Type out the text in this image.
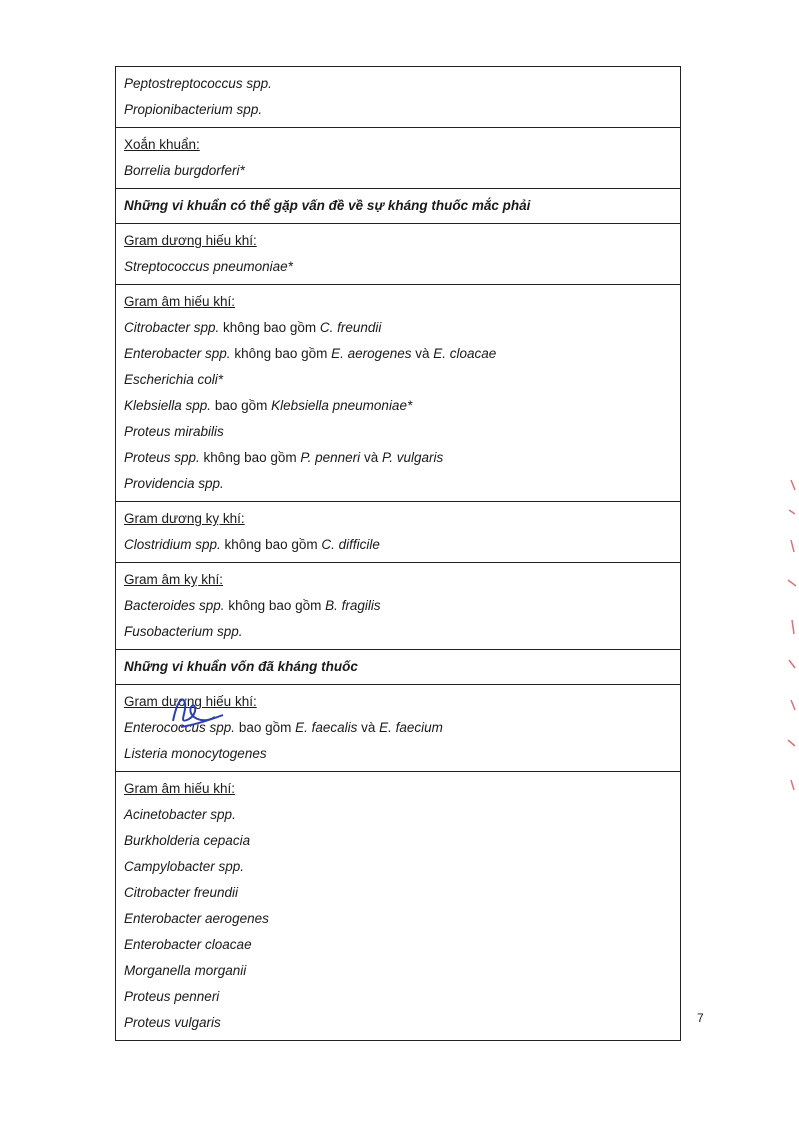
Peptostreptococcus spp.
Propionibacterium spp.
Xoắn khuẩn:
Borrelia burgdorferi*
Những vi khuẩn có thể gặp vấn đề về sự kháng thuốc mắc phải
Gram dương hiếu khí:
Streptococcus pneumoniae*
Gram âm hiếu khí:
Citrobacter spp. không bao gồm C. freundii
Enterobacter spp. không bao gồm E. aerogenes và E. cloacae
Escherichia coli*
Klebsiella spp. bao gồm Klebsiella pneumoniae*
Proteus mirabilis
Proteus spp. không bao gồm P. penneri và P. vulgaris
Providencia spp.
Gram dương kỵ khí:
Clostridium spp. không bao gồm C. difficile
Gram âm kỵ khí:
Bacteroides spp. không bao gồm B. fragilis
Fusobacterium spp.
Những vi khuẩn vốn đã kháng thuốc
Gram dương hiếu khí:
Enterococcus spp. bao gồm E. faecalis và E. faecium
Listeria monocytogenes
Gram âm hiếu khí:
Acinetobacter spp.
Burkholderia cepacia
Campylobacter spp.
Citrobacter freundii
Enterobacter aerogenes
Enterobacter cloacae
Morganella morganii
Proteus penneri
Proteus vulgaris	7
